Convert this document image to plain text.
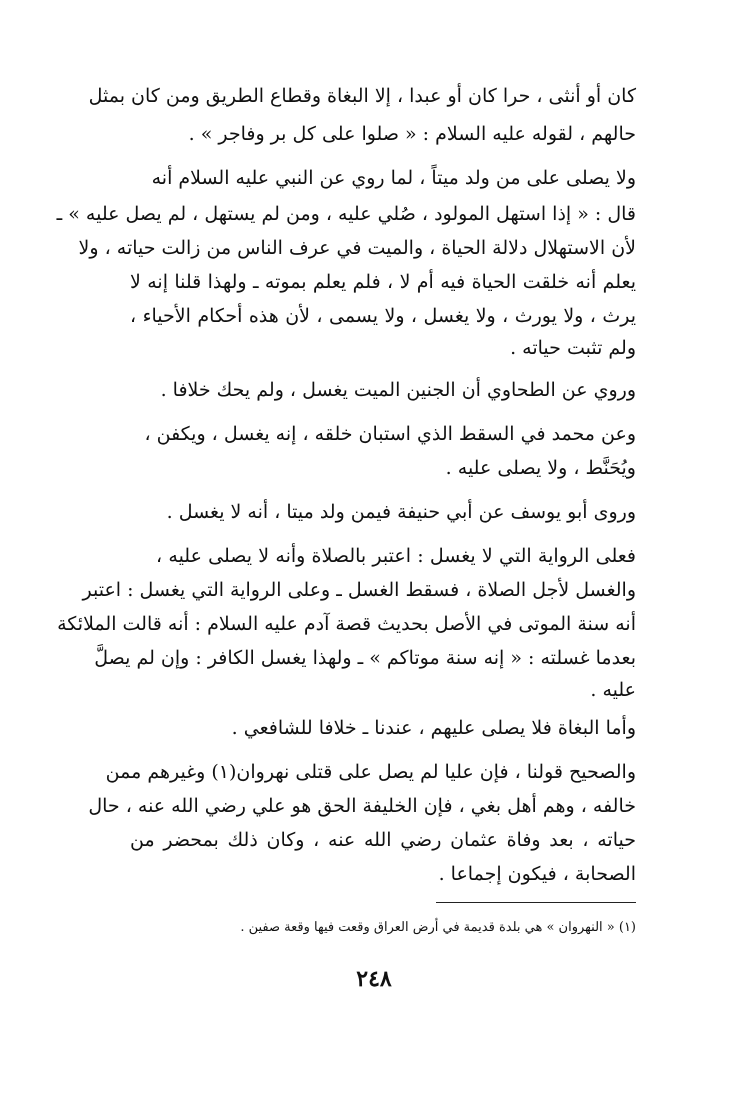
كان أو أنثى ، حرا كان أو عبدا ، إلا البغاة وقطاع الطريق ومن كان بمثل
حالهم ، لقوله عليه السلام : « صلوا على كل بر وفاجر » .
ولا يصلى على من ولد ميتاً ، لما روي عن النبي عليه السلام أنه
قال : « إذا استهل المولود ، صُلي عليه ، ومن لم يستهل ، لم يصل عليه » ـ
لأن الاستهلال دلالة الحياة ، والميت في عرف الناس من زالت حياته ، ولا
يعلم أنه خلقت الحياة فيه أم لا ، فلم يعلم بموته ـ ولهذا قلنا إنه لا
يرث ، ولا يورث ، ولا يغسل ، ولا يسمى ، لأن هذه أحكام الأحياء ،
ولم تثبت حياته .
وروي عن الطحاوي أن الجنين الميت يغسل ، ولم يحك خلافا .
وعن محمد في السقط الذي استبان خلقه ، إنه يغسل ، ويكفن ،
ويُحَنَّط ، ولا يصلى عليه .
وروى أبو يوسف عن أبي حنيفة فيمن ولد ميتا ، أنه لا يغسل .
فعلى الرواية التي لا يغسل : اعتبر بالصلاة وأنه لا يصلى عليه ،
والغسل لأجل الصلاة ، فسقط الغسل ـ وعلى الرواية التي يغسل : اعتبر
أنه سنة الموتى في الأصل بحديث قصة آدم عليه السلام : أنه قالت الملائكة
بعدما غسلته : « إنه سنة موتاكم » ـ ولهذا يغسل الكافر : وإن لم يصلَّ
عليه .
وأما البغاة فلا يصلى عليهم ، عندنا ـ خلافا للشافعي .
والصحيح قولنا ، فإن عليا لم يصل على قتلى نهروان(١) وغيرهم ممن
خالفه ، وهم أهل بغي ، فإن الخليفة الحق هو علي رضي الله عنه ، حال
حياته ، بعد وفاة عثمان رضي الله عنه ، وكان ذلك بمحضر من
الصحابة ، فيكون إجماعا .
(١) « النهروان » هي بلدة قديمة في أرض العراق وقعت فيها وقعة صفين .
٢٤٨
